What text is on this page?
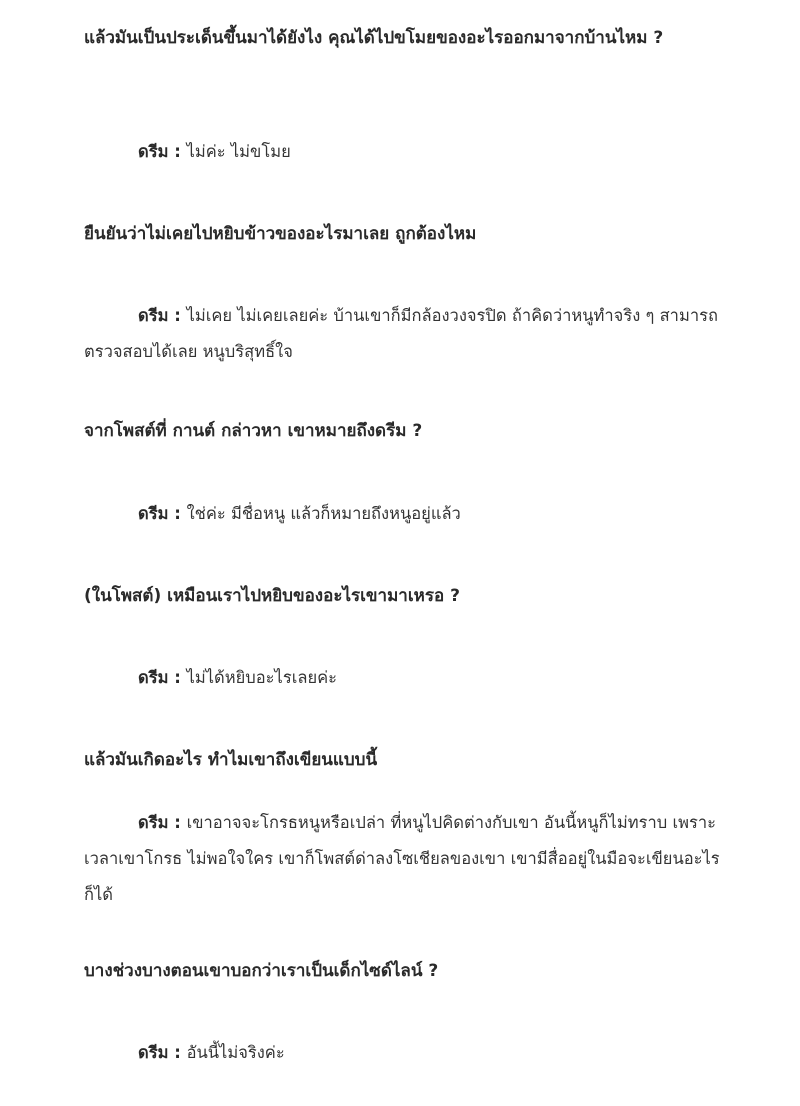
แล้วมันเป็นประเด็นขึ้นมาได้ยังไง คุณได้ไปขโมยของอะไรออกมาจากบ้านไหม ?

ดรีม : ไม่ค่ะ ไม่ขโมย

ยืนยันว่าไม่เคยไปหยิบข้าวของอะไรมาเลย ถูกต้องไหม

ดรีม : ไม่เคย ไม่เคยเลยค่ะ บ้านเขาก็มีกล้องวงจรปิด ถ้าคิดว่าหนูทำจริง ๆ สามารถตรวจสอบได้เลย หนูบริสุทธิ์ใจ

จากโพสต์ที่ กานต์ กล่าวหา เขาหมายถึงดรีม ?

ดรีม : ใช่ค่ะ มีชื่อหนู แล้วก็หมายถึงหนูอยู่แล้ว

(ในโพสต์) เหมือนเราไปหยิบของอะไรเขามาเหรอ ?

ดรีม : ไม่ได้หยิบอะไรเลยค่ะ

แล้วมันเกิดอะไร ทำไมเขาถึงเขียนแบบนี้

ดรีม : เขาอาจจะโกรธหนูหรือเปล่า ที่หนูไปคิดต่างกับเขา อันนี้หนูก็ไม่ทราบ เพราะเวลาเขาโกรธ ไม่พอใจใคร เขาก็โพสต์ด่าลงโซเชียลของเขา เขามีสื่ออยู่ในมือจะเขียนอะไรก็ได้

บางช่วงบางตอนเขาบอกว่าเราเป็นเด็กไซด์ไลน์ ?

ดรีม : อันนี้ไม่จริงค่ะ
